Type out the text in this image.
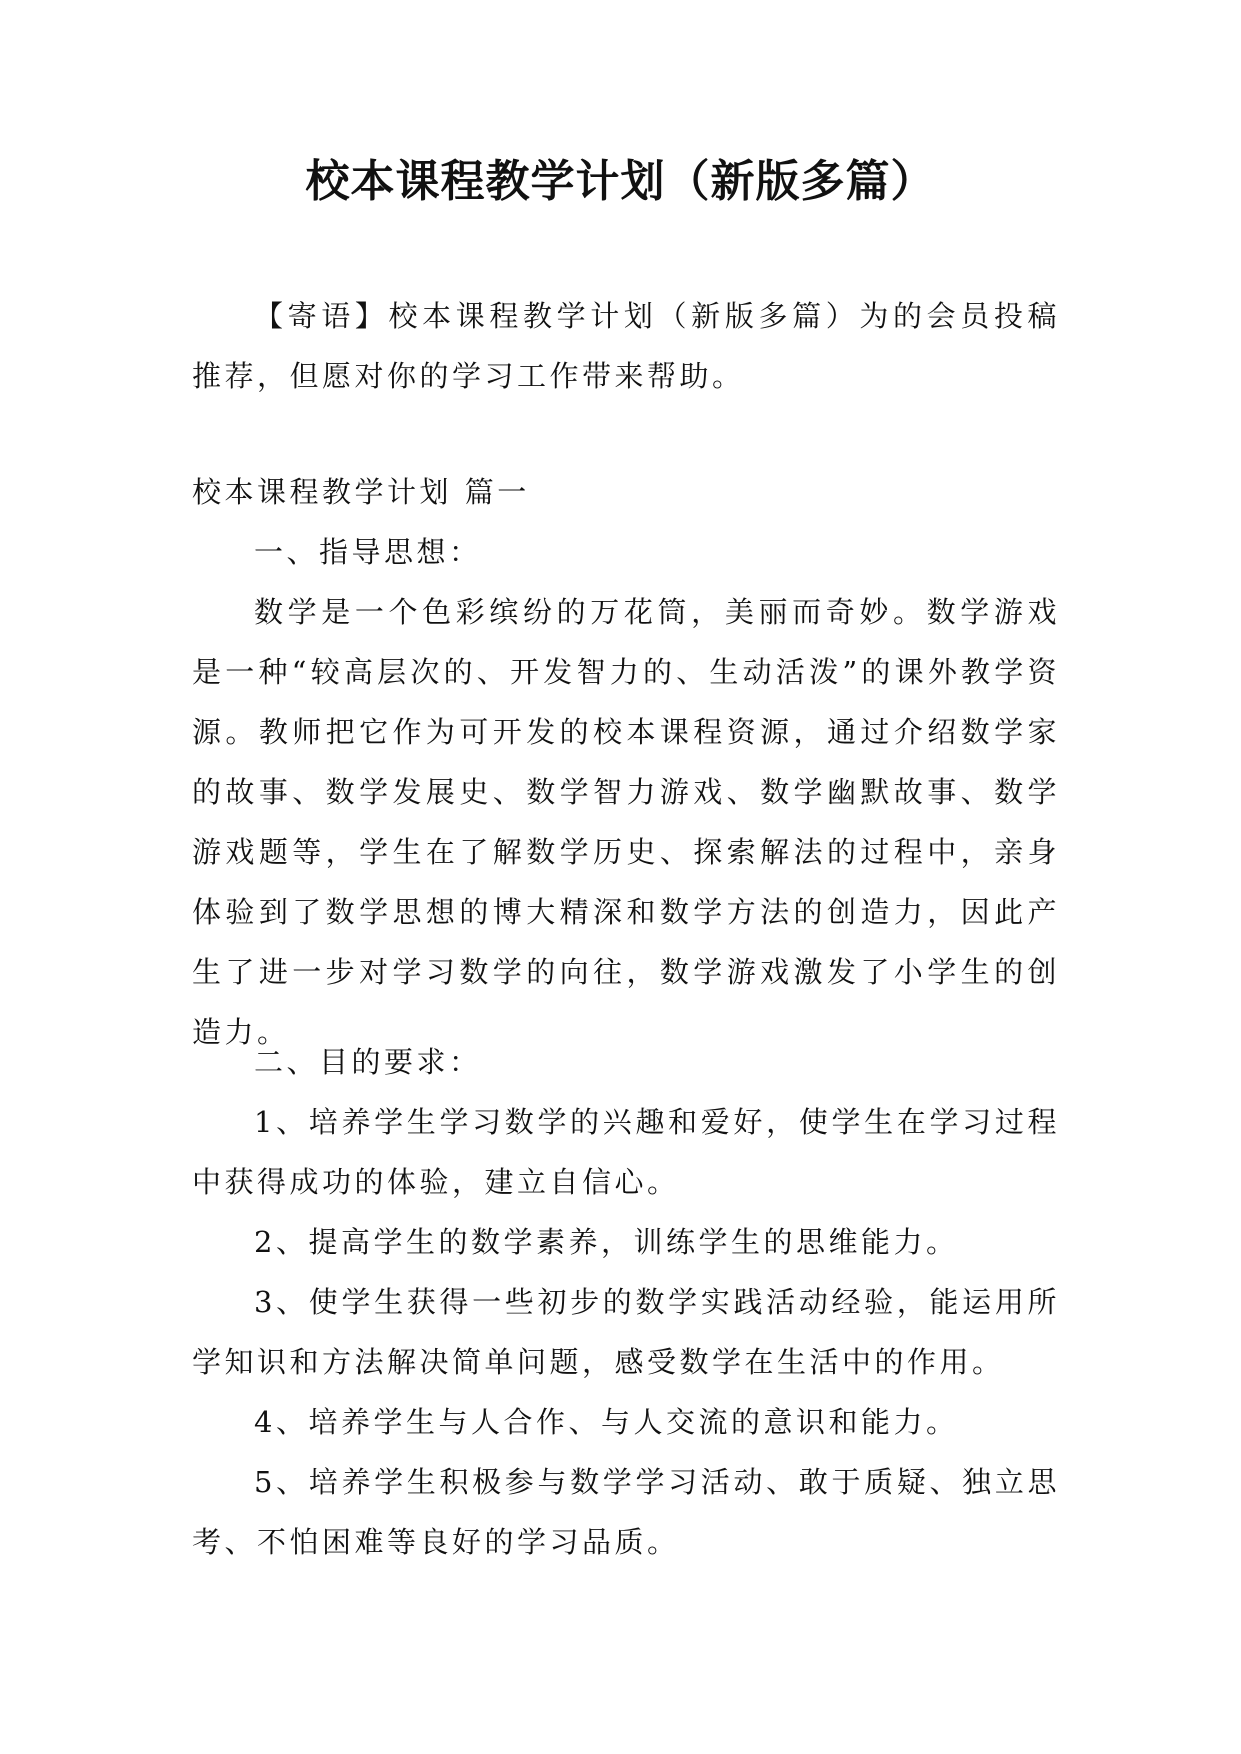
校本课程教学计划（新版多篇）

【寄语】校本课程教学计划（新版多篇）为的会员投稿推荐，但愿对你的学习工作带来帮助。

校本课程教学计划 篇一

一、指导思想：

数学是一个色彩缤纷的万花筒，美丽而奇妙。数学游戏是一种“较高层次的、开发智力的、生动活泼”的课外教学资源。教师把它作为可开发的校本课程资源，通过介绍数学家的故事、数学发展史、数学智力游戏、数学幽默故事、数学游戏题等，学生在了解数学历史、探索解法的过程中，亲身体验到了数学思想的博大精深和数学方法的创造力，因此产生了进一步对学习数学的向往，数学游戏激发了小学生的创造力。

二、目的要求：

1、培养学生学习数学的兴趣和爱好，使学生在学习过程中获得成功的体验，建立自信心。

2、提高学生的数学素养，训练学生的思维能力。

3、使学生获得一些初步的数学实践活动经验，能运用所学知识和方法解决简单问题，感受数学在生活中的作用。

4、培养学生与人合作、与人交流的意识和能力。

5、培养学生积极参与数学学习活动、敢于质疑、独立思考、不怕困难等良好的学习品质。
